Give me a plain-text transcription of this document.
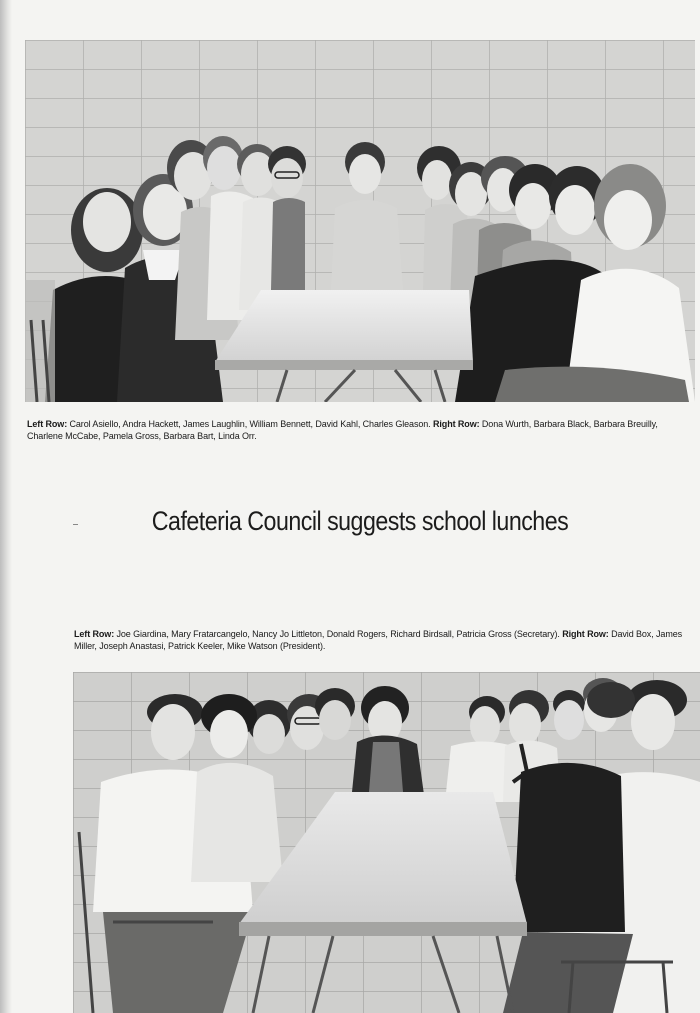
Left Row: Carol Asiello, Andra Hackett, James Laughlin, William Bennett, David Kahl, Charles Gleason. Right Row: Dona Wurth, Barbara Black, Barbara Breuilly, Charlene McCabe, Pamela Gross, Barbara Bart, Linda Orr.
Cafeteria Council suggests school lunches
Left Row: Joe Giardina, Mary Fratarcangelo, Nancy Jo Littleton, Donald Rogers, Richard Birdsall, Patricia Gross (Secretary). Right Row: David Box, James Miller, Joseph Anastasi, Patrick Keeler, Mike Watson (President).
